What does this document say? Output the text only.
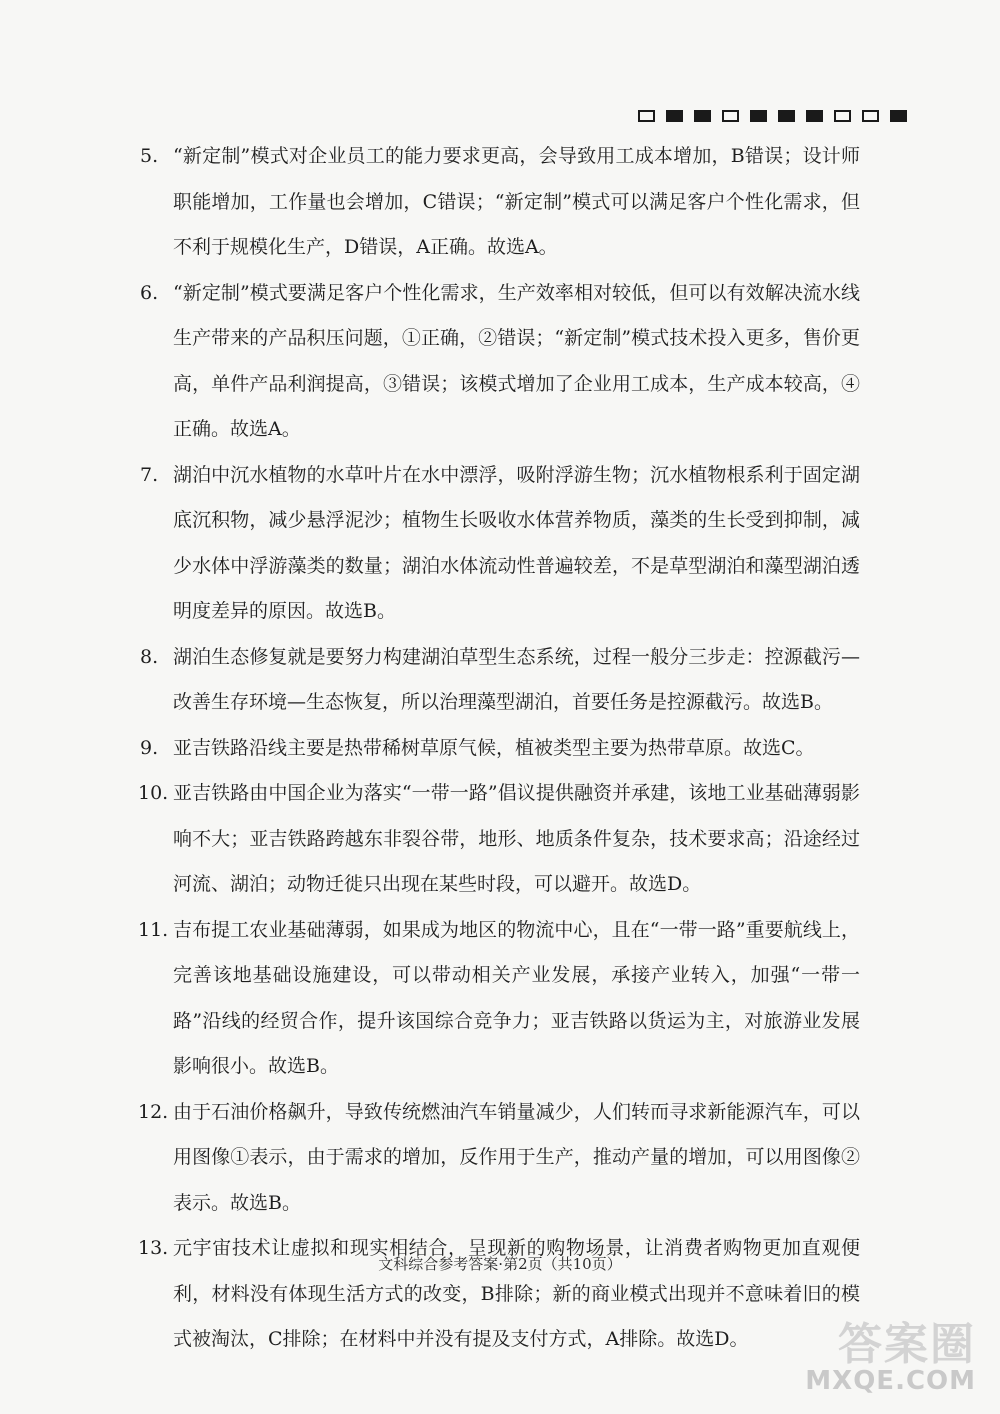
5. “新定制”模式对企业员工的能力要求更高，会导致用工成本增加，B错误；设计师职能增加，工作量也会增加，C错误；“新定制”模式可以满足客户个性化需求，但不利于规模化生产，D错误，A正确。故选A。
6. “新定制”模式要满足客户个性化需求，生产效率相对较低，但可以有效解决流水线生产带来的产品积压问题，①正确，②错误；“新定制”模式技术投入更多，售价更高，单件产品利润提高，③错误；该模式增加了企业用工成本，生产成本较高，④正确。故选A。
7. 湖泊中沉水植物的水草叶片在水中漂浮，吸附浮游生物；沉水植物根系利于固定湖底沉积物，减少悬浮泥沙；植物生长吸收水体营养物质，藻类的生长受到抑制，减少水体中浮游藻类的数量；湖泊水体流动性普遍较差，不是草型湖泊和藻型湖泊透明度差异的原因。故选B。
8. 湖泊生态修复就是要努力构建湖泊草型生态系统，过程一般分三步走：控源截污—改善生存环境—生态恢复，所以治理藻型湖泊，首要任务是控源截污。故选B。
9. 亚吉铁路沿线主要是热带稀树草原气候，植被类型主要为热带草原。故选C。
10. 亚吉铁路由中国企业为落实“一带一路”倡议提供融资并承建，该地工业基础薄弱影响不大；亚吉铁路跨越东非裂谷带，地形、地质条件复杂，技术要求高；沿途经过河流、湖泊；动物迁徙只出现在某些时段，可以避开。故选D。
11. 吉布提工农业基础薄弱，如果成为地区的物流中心，且在“一带一路”重要航线上，完善该地基础设施建设，可以带动相关产业发展，承接产业转入，加强“一带一路”沿线的经贸合作，提升该国综合竞争力；亚吉铁路以货运为主，对旅游业发展影响很小。故选B。
12. 由于石油价格飙升，导致传统燃油汽车销量减少，人们转而寻求新能源汽车，可以用图像①表示，由于需求的增加，反作用于生产，推动产量的增加，可以用图像②表示。故选B。
13. 元宇宙技术让虚拟和现实相结合，呈现新的购物场景，让消费者购物更加直观便利，材料没有体现生活方式的改变，B排除；新的商业模式出现并不意味着旧的模式被淘汰，C排除；在材料中并没有提及支付方式，A排除。故选D。
文科综合参考答案·第2页（共10页）
答案圈
MXQE.COM
